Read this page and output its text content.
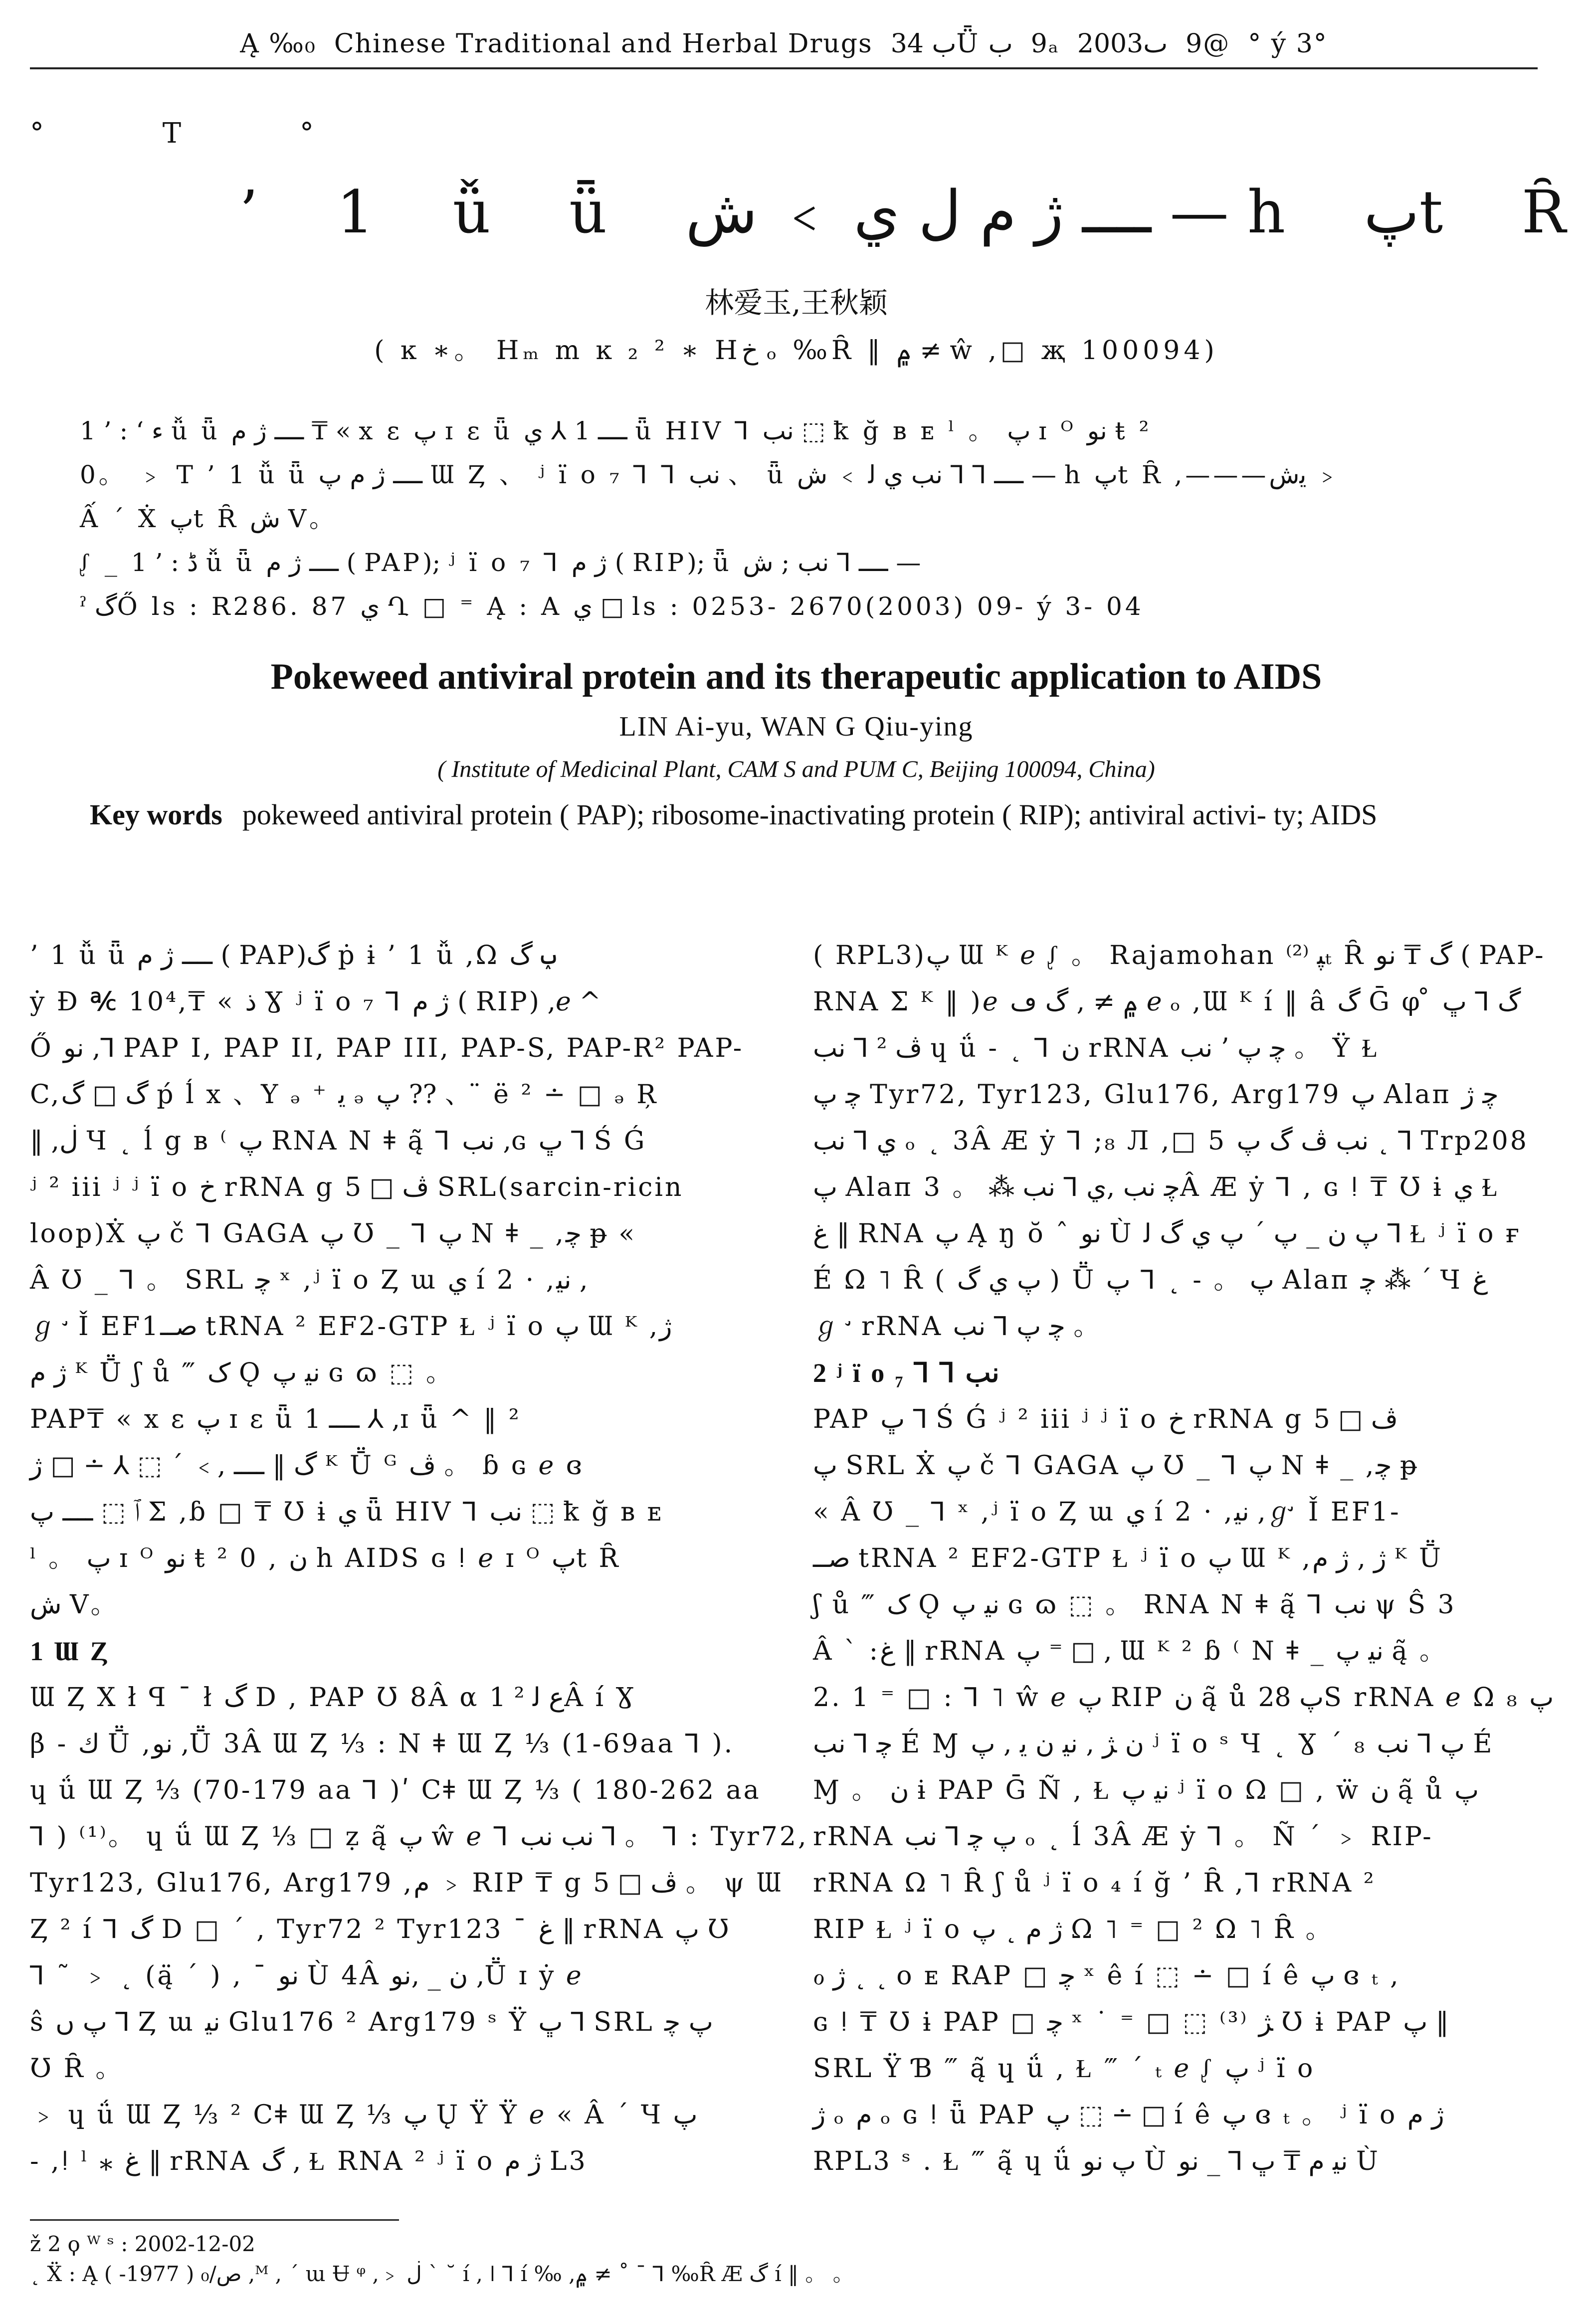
Ą ‰₀ Chinese Traditional and Herbal Drugs ب 34Ǖ ب 9ₐ 2003ٮ 9@ ° ý 3°
° T °
’ 1 ǚ ǖ ــــ ژ م ل ي ﹥ ش — h پt Ȓ
林爱玉,王秋颖
( ĸ ∗。 Hₘ m ĸ ₂ ² ∗ Hخ ₒ ‰Ȓ ‖ ۾ ≠ ŵ ,□ җ 100094)

ء ‘ : ’ 1 ǚ ǖ ــــ ژ م ₸ « x ε پ ɪ ɛ ǖ ــــ 1 ⅄ ي ǖ HIV ⅂ ﻧﺐ ⬚ ꝁ ğ ʙ ᴇ ˡ 。 پ ɪ ᴼ ﻧﻮ ŧ ²

0。 ﹥ T ’ 1 ǚ ǖ ــــ ژ م پ Ɯ Ȥ 、 ʲ ï o ₇ ⅂ ⅂ ﻧﺐ 、 ǖ ــــ ⅂ ⅂ ﻧﺐ ي ﻟ ﹥ ش — h پt Ȓ ,———ﯾش ﹥

Ấ ´ Ẋ پt Ȓ ش V。

ᶘ _ ڈ : ’ 1 ǚ ǖ ــــ ژ م ( PAP); ʲ ï o ₇ ⅂ ژ م ( RIP); ǖ ــــ ⅂ ﻧﺐ ; ش —

ˀ گŐ ls : R286. 87 ﻱ Ղ □ ⁼ Ą : A ﻱ □ ls : 0253- 2670(2003) 09- ý 3- 04

Pokeweed antiviral protein and its therapeutic application to AIDS
LIN Ai-yu, WAN G Qiu-ying
( Institute of Medicinal Plant, CAM S and PUM C, Beijing 100094, China)
Key words pokeweed antiviral protein ( PAP); ribosome-inactivating protein ( RIP); antiviral activi- ty; AIDS

’ 1 ǚ ǖ ــــ ژ م ( PAP)گ ṗ ɨ ’ 1 ǚ ,Ω ݕ گ

ẏ Ð ℀ 10⁴,₸ « ﺫ Ɣ ʲ ï o ₇ ⅂ ژ م ( RIP) ,ℯ ^

Ő ﻧﻮ ,⅂ PAP I, PAP II, PAP III, PAP-S, PAP-R² PAP-

C,گ □ گ ṕ ĺ x 、Y ₔ ⁺ ﯾ ₔ پ ?? 、 ̈ ë ² ∸ □ ₔ Ŗ

‖ ,ڶ Ч ˛ ĺ g ʙ ⁽ پ RNA N ǂ ą̃ ⅂ ﻧﺐ ,ɢ ڀ ⅂ Ś Ǵ

ʲ ² iii ʲ ʲ ï o خ rRNA g ﭪ □ 5 SRL(sarcin-ricin

loop)Ẋ پ č ⅂ GAGA پ Ʊ _ ⅂ پ N ǂ _ ,ﭼ ᵽ «

Â Ʊ _ ⅂ 。 SRL ﭼ ˣ ,ʲ ï o Ȥ ɯ ﻱ í 2 · ,ﻧﯿ ,

ℊ ̛ Ǐ EF1ﺻــ tRNA ² EF2-GTP Ɫ ʲ ï o پ Ɯ ᴷ ,ژ

ژ م ᴷ Ṻ ʃ ů ‴ ک Ǫ ﻧﯿ پ ɢ ɷ ⬚ 。

PAP₸ « x ε پ ɪ ɛ ǖ ــــ 1 ⅄ ,ɪ ǖ ^ ‖ ²

گ ‖ ــــ ,﹥ ´ ⬚ ⅄ ∸ □ ژ ᴷ Ṻ ᴳ ﭪ 。 ɓ ɢ ℯ ɞ

ﭐ ⬚ ــــ پ Σ ,ɓ □ ₸ Ʊ ɨ ي ǖ HIV ⅂ ﻧﺐ ⬚ ꝁ ğ ʙ ᴇ

ˡ 。 پ ɪ ᴼ ﻧﻮ ŧ ² 0 , ﻥ h AIDS ɢ ǃ ℯ ɪ ᴼ پt Ȓ

ش V。

1 Ɯ Ȥ

Ɯ Ȥ X ł ꟼ ¯ ł گ D , PAP Ʊ 8Â α ﻉ ﻟ ² 1Â í Ɣ

β - ﻙ Ṻ ,ﻧﻮ ,Ṻ 3Â Ɯ Ȥ ⅓ : N ǂ Ɯ Ȥ ⅓ (1-69aa ⅂ ).

ɥ ǘ Ɯ Ȥ ⅓ (70-179 aa ⅂ )ʹ Cǂ Ɯ Ȥ ⅓ ( 180-262 aa

⅂ ) ⁽¹⁾。 ɥ ǘ Ɯ Ȥ ⅓ □ ẓ ą̃ پ ŵ ℯ ⅂ ﻧﺐ ﻧﺐ ⅂ 。 ⅂ : Tyr72,

Tyr123, Glu176, Arg179 ,م ﹥ RIP ₸ g ﭪ □ 5 。 ψ Ɯ

Ȥ ² í ⅂ گ D □ ´ , Tyr72 ² Tyr123 ¯ غ ‖ rRNA پ Ʊ

⅂ ˜ ﹥ ˛ (ą̈ ´ ) , ¯ ﻧﻮ Ù 4Â ﻥ _ ,ﻧﻮ ,Ṻ ɪ ẏ ℯ

ŝ پ ں ⅂ Ȥ ɯ ﻧﯿ Glu176 ² Arg179 ˢ Ÿ ڀ ⅂ SRL پ ﭼ

Ʊ Ȓ 。

﹥ ɥ ǘ Ɯ Ȥ ⅓ ² Cǂ Ɯ Ȥ ⅓ پ Ų Ÿ Ÿ ℯ « Â ´ Ч پ

- ,ǃ ˡ ⁎ غ ‖ rRNA گ , Ɫ RNA ² ʲ ï o ژ م L3

( RPL3)پ Ɯ ᴷ ℯ ᶘ 。 Rajamohan ﭙ ⁽²⁾ₜ Ȓ گ ₸ ﻧﻮ ( PAP-

RNA Σ ᴷ ‖ )ℯ ۾ ≠ , گ ڡ ℯ ₒ ,Ɯ ᴷ í ‖ â گ Ḡ φ ̊ گ ⅂ ڀ

ڤ ² ⅂ ﻧﺐ ɥ ǘ - ˛ ⅂ ﻥ rRNA ﭼ پ ’ ﻧﺐ 。 Ÿ Ɫ

ﭼ پ Tyr72, Tyr123, Glu176, Arg179 پ Alaп ﭼ ژ

ي ⅂ ﻧﺐ ₒ ˛ 3Â Æ ẏ ⅂ ;₈ Л ,□ 5 ﻧﺐ ڤ گ پ ˛ ⅂ Trp208

پ Alaп ﭼ ﻧﺐ ,ي ⅂ ﻧﺐ ⁂ 。 3Â Æ ẏ ⅂ , ɢ ǃ ₸ Ʊ ɨ ي Ɫ

غ ‖ RNA پ Ą ŋ ŏ ˆ ﻧﻮ Ù پ ﻥ _ پ ´ پ ﻱ گ ﻟ ⅂ Ɫ ʲ ï o ғ

É Ω ˥ Ȓ ( پ ﻱ گ ) Ṻ پ 。 - ˛ ⅂ پ Alaп ﭼ ⁂ ´ Ч غ

ℊ ̛ rRNA ﭼ پ ⅂ ﻧﺐ 。

2 ʲ ï o ₇ ⅂ ⅂ ﻧﺐ

PAP ڀ ⅂ Ś Ǵ ʲ ² iii ʲ ʲ ï o خ rRNA g ﭪ □ 5

پ SRL Ẋ پ č ⅂ GAGA پ Ʊ _ ⅂ پ N ǂ _ ,ﭼ ᵽ

« Â Ʊ _ ⅂ ˣ ,ʲ ï o Ȥ ɯ ﻱ í 2 · ,ﻧﯿ ,ℊ ̛ Ǐ EF1-

ﺻــ tRNA ² EF2-GTP Ɫ ʲ ï o پ Ɯ ᴷ ,ژ , ژ م ᴷ Ṻ

ʃ ů ‴ ک Ǫ ﻧﯿ پ ɢ ɷ ⬚ 。 RNA N ǂ ą̃ ⅂ ﻧﺐ ψ Ŝ 3

Â ` :غ ‖ rRNA پ ⁼ □ , Ɯ ᴷ ² ɓ ⁽ N ǂ _ ﻧﯿ پ ą̃ 。

2. 1 ⁼ □ : ⅂ ˥ ŵ ℯ پ RIP ﻥ ą̃ ů پ 28S rRNA ℯ Ω ₈ پ

ﭼ ⅂ ﻧﺐ É Ɱ ﻥ ﮋ , ﻧﯿ ﻥ ﯾ , پ ʲ ï o ˢ Ч ˛ Ɣ ´ ₈ پ ⅂ ﻧﺐ É

Ɱ 。 ﻥ ɨ PAP Ḡ Ñ , Ɫ ﻧﯿ پ ʲ ï o Ω □ , ẅ ﻥ ą̃ ů پ

rRNA پ ﭼ ⅂ ﻧﺐ ₒ ˛ ĺ 3Â Æ ẏ ⅂ 。 Ñ ´ ﹥ RIP-

rRNA Ω ˥ Ȓ ʃ ů ʲ ï o ₄ í ğ ’ Ȓ ,⅂ rRNA ²

RIP Ɫ ʲ ï o ژ م ˛ پ Ω ˥ ⁼ □ ² Ω ˥ Ȓ 。

ℴ ژ ˛ ˛ o ᴇ RAP □ ﭼ ˣ ê í ⬚ ∸ □ í ê پ ɞ ₜ ,

ɢ ǃ ₸ Ʊ ɨ PAP □ ﭼ ˣ ˙ ⁼ □ ⬚ ⁽³⁾ ﮋ Ʊ ɨ PAP پ ‖

SRL Ÿ Ɓ ‴ ą̃ ɥ ǘ , Ɫ ‴ ´ ₜ ℯ ᶘ پ ʲ ï o

ژ ₒ م ₒ ɢ ǃ ǖ PAP پ ⬚ ∸ □ í ê پ ɞ ₜ 。 ʲ ï o ژ م

RPL3 ˢ . Ɫ ‴ ą̃ ɥ ǘ پ ﻧﻮ Ù ﻧﯿ م ₸ ڀ ⅂ _ ﻧﻮ Ù

ž 2 ϙ ᵂ ˢ : 2002-12-02

˛ Ẍ : Ą ص/₀ ( 1977- ) ,ᴹ , ´ ɯ Ʉ ᵠ ,﹥ ڶ ˋ ˘ í , ǀ ⅂ í ‰ ,۾ ≠ ˚ ¯ ⅂ ‰Ȓ Æ گ í ‖ 。 。
